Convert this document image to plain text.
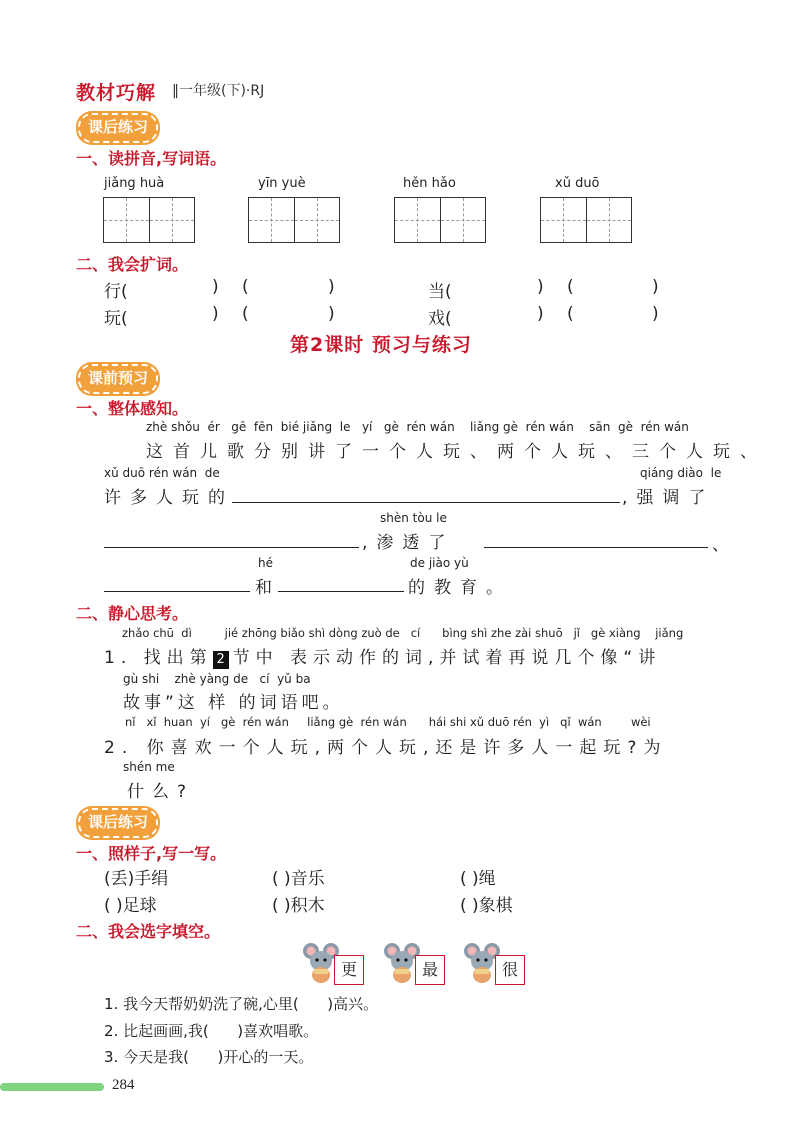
教材巧解 ‖一年级(下)·RJ
课后练习
一、读拼音,写词语。
jiǎng huà	yīn yuè	hěn hǎo	xǔ duō
二、我会扩词。
行(	) (	)	当(	) (	)
玩(	) (	)	戏(	) (	)
第2课时 预习与练习
课前预习
一、整体感知。
zhè shǒu  ér   gē  fēn  bié jiǎng  le   yí   gè  rén wán    liǎng gè  rén wán    sān  gè  rén wán
这首儿歌分别讲了一个人玩、两个人玩、三个人玩、
xǔ duō rén wán  de	qiáng diào  le
许多人玩的	,强调了
shèn tòu le
,渗透了	、
hé	de jiào yù
和	的教育。
二、静心思考。
zhǎo chū  dì         jié zhōng biǎo shì dòng zuò de   cí      bìng shì zhe zài shuō   jǐ   gè xiàng    jiǎng
1. 找出第 2 节中 表示动作的词,并试着再说几个像“讲
gù shi    zhè yàng de   cí  yǔ ba
故事”这 样 的词语吧。
nǐ   xǐ  huan  yí   gè  rén wán     liǎng gè  rén wán      hái shi xǔ duō rén  yì   qǐ  wán        wèi
2. 你喜欢一个人玩,两个人玩,还是许多人一起玩?为
shén me
什么?
课后练习
一、照样子,写一写。
(丢)手绢	( )音乐	( )绳
( )足球	( )积木	( )象棋
二、我会选字填空。
更	最	很
1. 我今天帮奶奶洗了碗,心里(      )高兴。
2. 比起画画,我(      )喜欢唱歌。
3. 今天是我(      )开心的一天。
284
